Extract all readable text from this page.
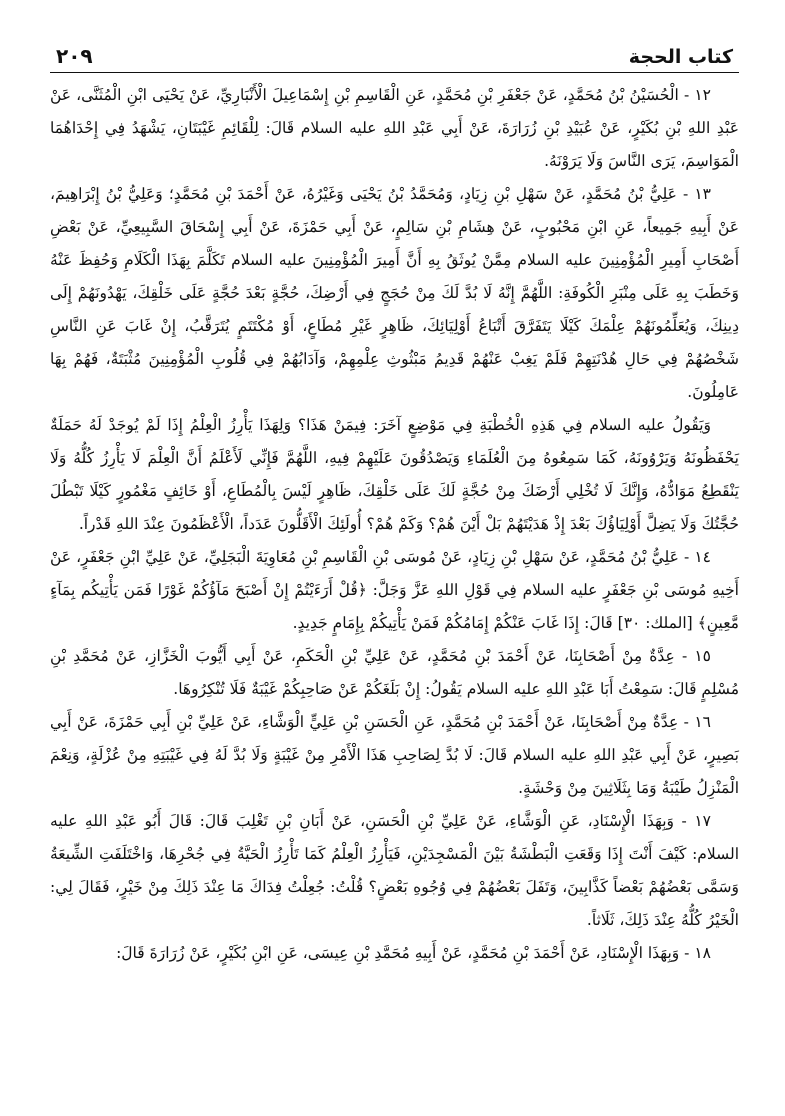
كتاب الحجة
٢٠٩

١٢ - الْحُسَيْنُ بْنُ مُحَمَّدٍ، عَنْ جَعْفَرِ بْنِ مُحَمَّدٍ، عَنِ الْقَاسِمِ بْنِ إِسْمَاعِيلَ الْأَنْبَارِيِّ، عَنْ يَحْيَى ابْنِ الْمُثَنَّى، عَنْ عَبْدِ اللهِ بْنِ بُكَيْرٍ، عَنْ عُبَيْدِ بْنِ زُرَارَةَ، عَنْ أَبِي عَبْدِ اللهِ عليه السلام قَالَ: لِلْقَائِمِ غَيْبَتَانِ، يَشْهَدُ فِي إِحْدَاهُمَا الْمَوَاسِمَ، يَرَى النَّاسَ وَلَا يَرَوْنَهُ.

١٣ - عَلِيُّ بْنُ مُحَمَّدٍ، عَنْ سَهْلِ بْنِ زِيَادٍ، وَمُحَمَّدُ بْنُ يَحْيَى وَغَيْرُهُ، عَنْ أَحْمَدَ بْنِ مُحَمَّدٍ؛ وَعَلِيُّ بْنُ إِبْرَاهِيمَ، عَنْ أَبِيهِ جَمِيعاً، عَنِ ابْنِ مَحْبُوبٍ، عَنْ هِشَامِ بْنِ سَالِمٍ، عَنْ أَبِي حَمْزَةَ، عَنْ أَبِي إِسْحَاقَ السَّبِيعِيِّ، عَنْ بَعْضِ أَصْحَابِ أَمِيرِ الْمُؤْمِنِينَ عليه السلام مِمَّنْ يُوثَقُ بِهِ أَنَّ أَمِيرَ الْمُؤْمِنِينَ عليه السلام تَكَلَّمَ بِهَذَا الْكَلَامِ وَحُفِظَ عَنْهُ وَخَطَبَ بِهِ عَلَى مِنْبَرِ الْكُوفَةِ: اللَّهُمَّ إِنَّهُ لَا بُدَّ لَكَ مِنْ حُجَجٍ فِي أَرْضِكَ، حُجَّةٍ بَعْدَ حُجَّةٍ عَلَى خَلْقِكَ، يَهْدُونَهُمْ إِلَى دِينِكَ، وَيُعَلِّمُونَهُمْ عِلْمَكَ كَيْلَا يَتَفَرَّقَ أَتْبَاعُ أَوْلِيَائِكَ، ظَاهِرٍ غَيْرِ مُطَاعٍ، أَوْ مُكْتَتَمٍ يُتَرَقَّبُ، إِنْ غَابَ عَنِ النَّاسِ شَخْصُهُمْ فِي حَالِ هُدْنَتِهِمْ فَلَمْ يَغِبْ عَنْهُمْ قَدِيمُ مَبْثُوثِ عِلْمِهِمْ، وَآدَابُهُمْ فِي قُلُوبِ الْمُؤْمِنِينَ مُثْبَتَةٌ، فَهُمْ بِهَا عَامِلُونَ.

وَيَقُولُ عليه السلام فِي هَذِهِ الْخُطْبَةِ فِي مَوْضِعٍ آخَرَ: فِيمَنْ هَذَا؟ وَلِهَذَا يَأْرِزُ الْعِلْمُ إِذَا لَمْ يُوجَدْ لَهُ حَمَلَةٌ يَحْفَظُونَهُ وَيَرْوُونَهُ، كَمَا سَمِعُوهُ مِنَ الْعُلَمَاءِ وَيَصْدُقُونَ عَلَيْهِمْ فِيهِ، اللَّهُمَّ فَإِنِّي لَأَعْلَمُ أَنَّ الْعِلْمَ لَا يَأْرِزُ كُلُّهُ وَلَا يَنْقَطِعُ مَوَادُّهُ، وَإِنَّكَ لَا تُخْلِي أَرْضَكَ مِنْ حُجَّةٍ لَكَ عَلَى خَلْقِكَ، ظَاهِرٍ لَيْسَ بِالْمُطَاعِ، أَوْ خَائِفٍ مَغْمُورٍ كَيْلَا تَبْطُلَ حُجَّتُكَ وَلَا يَضِلَّ أَوْلِيَاؤُكَ بَعْدَ إِذْ هَدَيْتَهُمْ بَلْ أَيْنَ هُمْ؟ وَكَمْ هُمْ؟ أُولَئِكَ الْأَقَلُّونَ عَدَداً، الْأَعْظَمُونَ عِنْدَ اللهِ قَدْراً.

١٤ - عَلِيُّ بْنُ مُحَمَّدٍ، عَنْ سَهْلِ بْنِ زِيَادٍ، عَنْ مُوسَى بْنِ الْقَاسِمِ بْنِ مُعَاوِيَةَ الْبَجَلِيِّ، عَنْ عَلِيِّ ابْنِ جَعْفَرٍ، عَنْ أَخِيهِ مُوسَى بْنِ جَعْفَرٍ عليه السلام فِي قَوْلِ اللهِ عَزَّ وَجَلَّ: ﴿قُلْ أَرَءَيْتُمْ إِنْ أَصْبَحَ مَآؤُكُمْ غَوْرًا فَمَن يَأْتِيكُم بِمَآءٍ مَّعِينٍ﴾ [الملك: ٣٠] قَالَ: إِذَا غَابَ عَنْكُمْ إِمَامُكُمْ فَمَنْ يَأْتِيكُمْ بِإِمَامٍ جَدِيدٍ.

١٥ - عِدَّةٌ مِنْ أَصْحَابِنَا، عَنْ أَحْمَدَ بْنِ مُحَمَّدٍ، عَنْ عَلِيِّ بْنِ الْحَكَمِ، عَنْ أَبِي أَيُّوبَ الْخَزَّازِ، عَنْ مُحَمَّدِ بْنِ مُسْلِمٍ قَالَ: سَمِعْتُ أَبَا عَبْدِ اللهِ عليه السلام يَقُولُ: إِنْ بَلَغَكُمْ عَنْ صَاحِبِكُمْ غَيْبَةٌ فَلَا تُنْكِرُوهَا.

١٦ - عِدَّةٌ مِنْ أَصْحَابِنَا، عَنْ أَحْمَدَ بْنِ مُحَمَّدٍ، عَنِ الْحَسَنِ بْنِ عَلِيٍّ الْوَشَّاءِ، عَنْ عَلِيِّ بْنِ أَبِي حَمْزَةَ، عَنْ أَبِي بَصِيرٍ، عَنْ أَبِي عَبْدِ اللهِ عليه السلام قَالَ: لَا بُدَّ لِصَاحِبِ هَذَا الْأَمْرِ مِنْ غَيْبَةٍ وَلَا بُدَّ لَهُ فِي غَيْبَتِهِ مِنْ عُزْلَةٍ، وَنِعْمَ الْمَنْزِلُ طَيْبَةُ وَمَا بِثَلَاثِينَ مِنْ وَحْشَةٍ.

١٧ - وَبِهَذَا الْإِسْنَادِ، عَنِ الْوَشَّاءِ، عَنْ عَلِيِّ بْنِ الْحَسَنِ، عَنْ أَبَانِ بْنِ تَغْلِبَ قَالَ: قَالَ أَبُو عَبْدِ اللهِ عليه السلام: كَيْفَ أَنْتَ إِذَا وَقَعَتِ الْبَطْشَةُ بَيْنَ الْمَسْجِدَيْنِ، فَيَأْرِزُ الْعِلْمُ كَمَا تَأْرِزُ الْحَيَّةُ فِي جُحْرِهَا، وَاخْتَلَفَتِ الشِّيعَةُ وَسَمَّى بَعْضُهُمْ بَعْضاً كَذَّابِينَ، وَتَفَلَ بَعْضُهُمْ فِي وُجُوهِ بَعْضٍ؟ قُلْتُ: جُعِلْتُ فِدَاكَ مَا عِنْدَ ذَلِكَ مِنْ خَيْرٍ، فَقَالَ لِي: الْخَيْرُ كُلُّهُ عِنْدَ ذَلِكَ، ثَلَاثاً.

١٨ - وَبِهَذَا الْإِسْنَادِ، عَنْ أَحْمَدَ بْنِ مُحَمَّدٍ، عَنْ أَبِيهِ مُحَمَّدِ بْنِ عِيسَى، عَنِ ابْنِ بُكَيْرٍ، عَنْ زُرَارَةَ قَالَ:
